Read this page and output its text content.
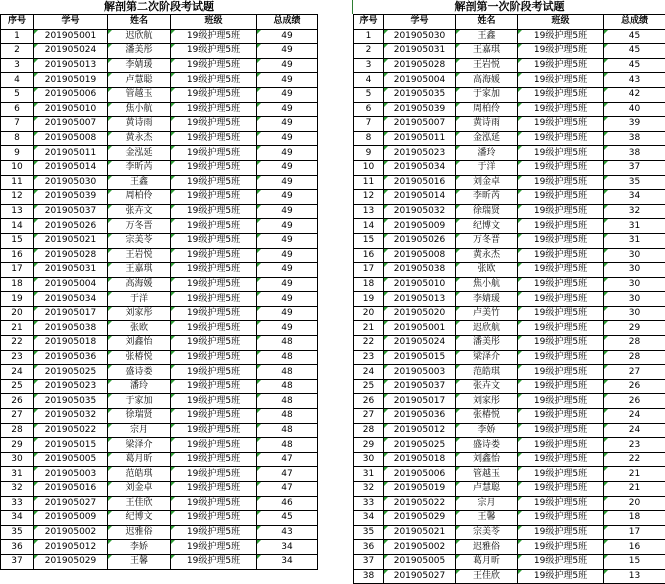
解剖第二次阶段考试题				
序号	学号	姓名	班级	总成绩
1	201905001	迟欣航	19级护理5班	49
2	201905024	潘美彤	19级护理5班	49
3	201905013	李婧瑗	19级护理5班	49
4	201905019	卢慧聪	19级护理5班	49
5	201905006	管越玉	19级护理5班	49
6	201905010	焦小航	19级护理5班	49
7	201905007	黄诗雨	19级护理5班	49
8	201905008	黄永杰	19级护理5班	49
9	201905011	金泓延	19级护理5班	49
10	201905014	李昕芮	19级护理5班	49
11	201905030	王鑫	19级护理5班	49
12	201905039	周柏伶	19级护理5班	49
13	201905037	张卉文	19级护理5班	49
14	201905026	万冬晋	19级护理5班	49
15	201905021	宗美苓	19级护理5班	49
16	201905028	王岩悦	19级护理5班	49
17	201905031	王嘉琪	19级护理5班	49
18	201905004	高海媛	19级护理5班	49
19	201905034	于洋	19级护理5班	49
20	201905017	刘家彤	19级护理5班	49
21	201905038	张欧	19级护理5班	49
22	201905018	刘鑫怡	19级护理5班	48
23	201905036	张椿悦	19级护理5班	48
24	201905025	盛诗娄	19级护理5班	48
25	201905023	潘玲	19级护理5班	48
26	201905035	于家加	19级护理5班	48
27	201905032	徐瑞贤	19级护理5班	48
28	201905022	宗月	19级护理5班	48
29	201905015	梁泽介	19级护理5班	48
30	201905005	葛月昕	19级护理5班	47
31	201905003	范皓琪	19级护理5班	47
32	201905016	刘金卓	19级护理5班	47
33	201905027	王佳欣	19级护理5班	46
34	201905009	纪博文	19级护理5班	45
35	201905002	迟雅俗	19级护理5班	43
36	201905012	李娇	19级护理5班	34
37	201905029	王馨	19级护理5班	34
解剖第一次阶段考试题				
序号	学号	姓名	班级	总成绩
1	201905030	王鑫	19级护理5班	45
2	201905031	王嘉琪	19级护理5班	45
3	201905028	王岩悦	19级护理5班	45
4	201905004	高海媛	19级护理5班	43
5	201905035	于家加	19级护理5班	42
6	201905039	周柏伶	19级护理5班	40
7	201905007	黄诗雨	19级护理5班	39
8	201905011	金泓延	19级护理5班	38
9	201905023	潘玲	19级护理5班	38
10	201905034	于洋	19级护理5班	37
11	201905016	刘金卓	19级护理5班	35
12	201905014	李昕芮	19级护理5班	34
13	201905032	徐瑞贤	19级护理5班	32
14	201905009	纪博文	19级护理5班	31
15	201905026	万冬晋	19级护理5班	31
16	201905008	黄永杰	19级护理5班	30
17	201905038	张欧	19级护理5班	30
18	201905010	焦小航	19级护理5班	30
19	201905013	李婧瑗	19级护理5班	30
20	201905020	卢美竹	19级护理5班	30
21	201905001	迟欣航	19级护理5班	29
22	201905024	潘美彤	19级护理5班	28
23	201905015	梁泽介	19级护理5班	28
24	201905003	范皓琪	19级护理5班	27
25	201905037	张卉文	19级护理5班	26
26	201905017	刘家彤	19级护理5班	26
27	201905036	张椿悦	19级护理5班	24
28	201905012	李娇	19级护理5班	24
29	201905025	盛诗娄	19级护理5班	23
30	201905018	刘鑫怡	19级护理5班	22
31	201905006	管越玉	19级护理5班	21
32	201905019	卢慧聪	19级护理5班	21
33	201905022	宗月	19级护理5班	20
34	201905029	王馨	19级护理5班	18
35	201905021	宗美苓	19级护理5班	17
36	201905002	迟雅俗	19级护理5班	16
37	201905005	葛月昕	19级护理5班	15
38	201905027	王佳欣	19级护理5班	13
